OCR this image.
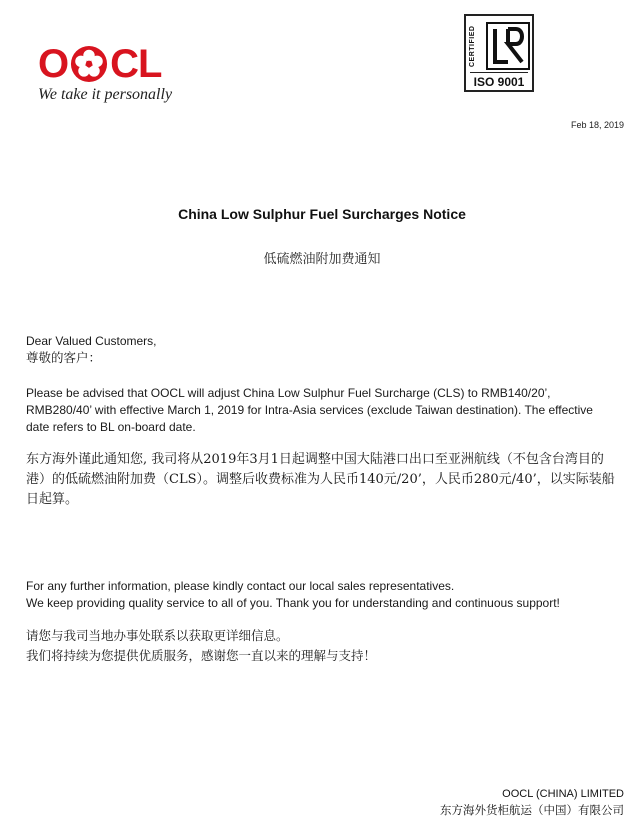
O CL
We take it personally
CERTIFIED
ISO 9001
Feb 18, 2019
China Low Sulphur Fuel Surcharges Notice
低硫燃油附加费通知
Dear Valued Customers,
尊敬的客户：
Please be advised that OOCL will adjust China Low Sulphur Fuel Surcharge (CLS) to RMB140/20’, RMB280/40’ with effective March 1, 2019 for Intra-Asia services (exclude Taiwan destination). The effective date refers to BL on-board date.
东方海外谨此通知您, 我司将从2019年3月1日起调整中国大陆港口出口至亚洲航线（不包含台湾目的港）的低硫燃油附加费（CLS）。调整后收费标准为人民币140元/20’，人民币280元/40’，以实际装船日起算。
For any further information, please kindly contact our local sales representatives.
We keep providing quality service to all of you. Thank you for understanding and continuous support!
请您与我司当地办事处联系以获取更详细信息。
我们将持续为您提供优质服务，感谢您一直以来的理解与支持！
OOCL (CHINA) LIMITED
东方海外货柜航运（中国）有限公司
